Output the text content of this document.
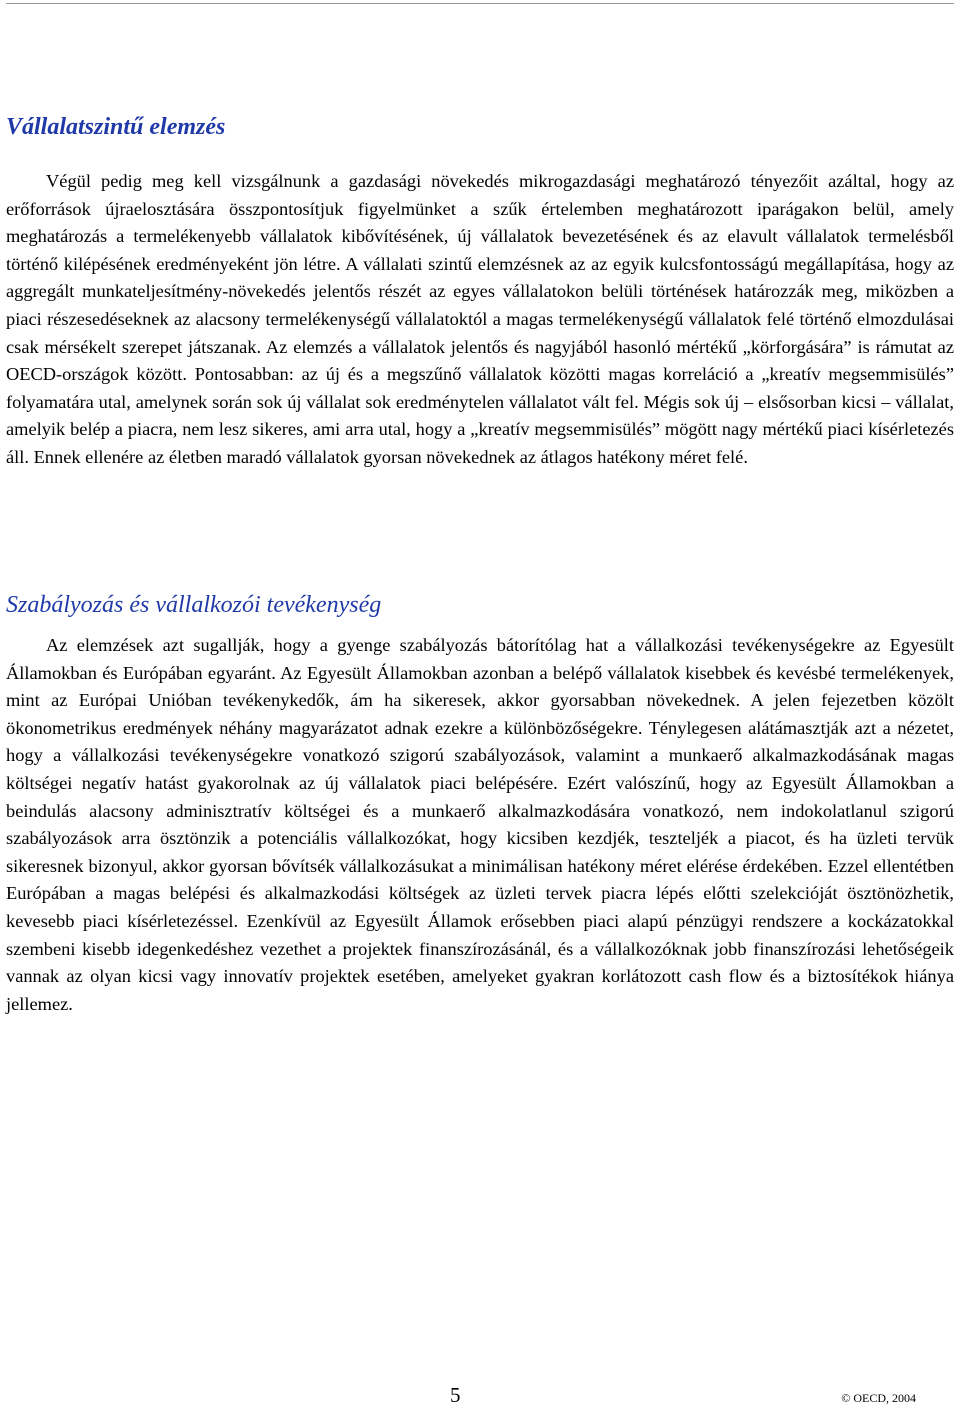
Vállalatszintű elemzés

Végül pedig meg kell vizsgálnunk a gazdasági növekedés mikrogazdasági meghatározó tényezőit azáltal, hogy az erőforrások újraelosztására összpontosítjuk figyelmünket a szűk értelemben meghatározott iparágakon belül, amely meghatározás a termelékenyebb vállalatok kibővítésének, új vállalatok bevezetésének és az elavult vállalatok termelésből történő kilépésének eredményeként jön létre. A vállalati szintű elemzésnek az az egyik kulcsfontosságú megállapítása, hogy az aggregált munkateljesítmény-növekedés jelentős részét az egyes vállalatokon belüli történések határozzák meg, miközben a piaci részesedéseknek az alacsony termelékenységű vállalatoktól a magas termelékenységű vállalatok felé történő elmozdulásai csak mérsékelt szerepet játszanak. Az elemzés a vállalatok jelentős és nagyjából hasonló mértékű „körforgására” is rámutat az OECD-országok között. Pontosabban: az új és a megszűnő vállalatok közötti magas korreláció a „kreatív megsemmisülés” folyamatára utal, amelynek során sok új vállalat sok eredménytelen vállalatot vált fel. Mégis sok új – elsősorban kicsi – vállalat, amelyik belép a piacra, nem lesz sikeres, ami arra utal, hogy a „kreatív megsemmisülés” mögött nagy mértékű piaci kísérletezés áll. Ennek ellenére az életben maradó vállalatok gyorsan növekednek az átlagos hatékony méret felé.

Szabályozás és vállalkozói tevékenység

Az elemzések azt sugallják, hogy a gyenge szabályozás bátorítólag hat a vállalkozási tevékenységekre az Egyesült Államokban és Európában egyaránt. Az Egyesült Államokban azonban a belépő vállalatok kisebbek és kevésbé termelékenyek, mint az Európai Unióban tevékenykedők, ám ha sikeresek, akkor gyorsabban növekednek. A jelen fejezetben közölt ökonometrikus eredmények néhány magyarázatot adnak ezekre a különbözőségekre. Ténylegesen alátámasztják azt a nézetet, hogy a vállalkozási tevékenységekre vonatkozó szigorú szabályozások, valamint a munkaerő alkalmazkodásának magas költségei negatív hatást gyakorolnak az új vállalatok piaci belépésére. Ezért valószínű, hogy az Egyesült Államokban a beindulás alacsony adminisztratív költségei és a munkaerő alkalmazkodására vonatkozó, nem indokolatlanul szigorú szabályozások arra ösztönzik a potenciális vállalkozókat, hogy kicsiben kezdjék, teszteljék a piacot, és ha üzleti tervük sikeresnek bizonyul, akkor gyorsan bővítsék vállalkozásukat a minimálisan hatékony méret elérése érdekében. Ezzel ellentétben Európában a magas belépési és alkalmazkodási költségek az üzleti tervek piacra lépés előtti szelekcióját ösztönözhetik, kevesebb piaci kísérletezéssel. Ezenkívül az Egyesült Államok erősebben piaci alapú pénzügyi rendszere a kockázatokkal szembeni kisebb idegenkedéshez vezethet a projektek finanszírozásánál, és a vállalkozóknak jobb finanszírozási lehetőségeik vannak az olyan kicsi vagy innovatív projektek esetében, amelyeket gyakran korlátozott cash flow és a biztosítékok hiánya jellemez.

5	© OECD, 2004
